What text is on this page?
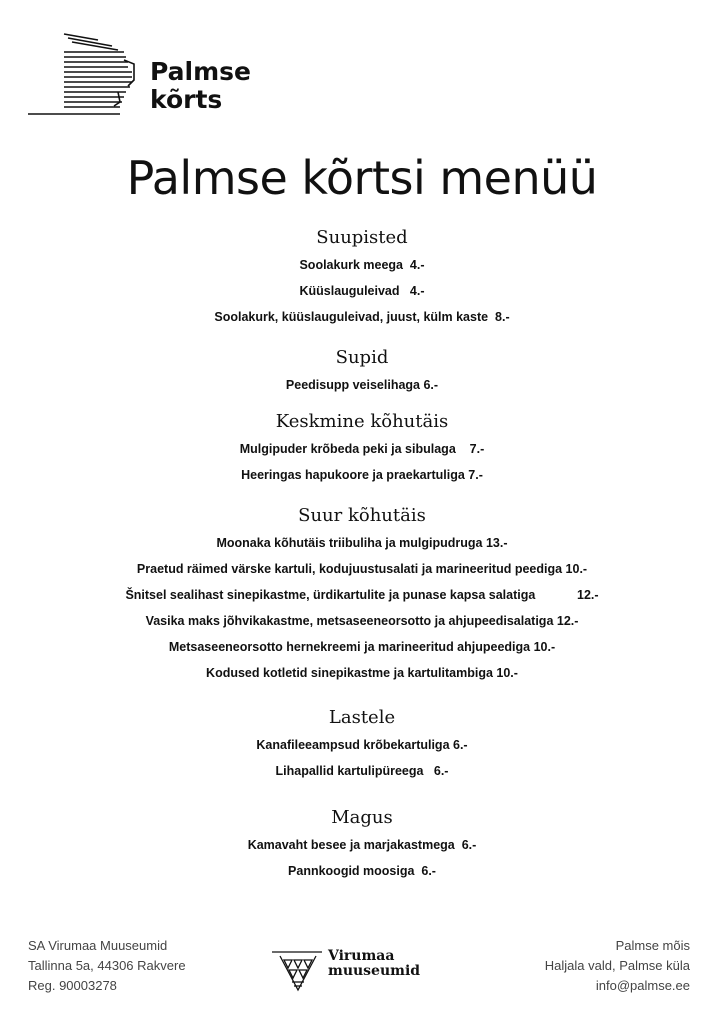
Palmse
kõrts
Palmse kõrtsi menüü
Suupisted
Soolakurk meega  4.-
Küüslauguleivad   4.-
Soolakurk, küüslauguleivad, juust, külm kaste  8.-
Supid
Peedisupp veiselihaga 6.-
Keskmine kõhutäis
Mulgipuder krõbeda peki ja sibulaga    7.-
Heeringas hapukoore ja praekartuliga 7.-
Suur kõhutäis
Moonaka kõhutäis triibuliha ja mulgipudruga 13.-
Praetud räimed värske kartuli, kodujuustusalati ja marineeritud peediga 10.-
Šnitsel sealihast sinepikastme, ürdikartulite ja punase kapsa salatiga            12.-
Vasika maks jõhvikakastme, metsaseeneorsotto ja ahjupeedisalatiga 12.-
Metsaseeneorsotto hernekreemi ja marineeritud ahjupeediga 10.-
Kodused kotletid sinepikastme ja kartulitambiga 10.-
Lastele
Kanafileeampsud krõbekartuliga 6.-
Lihapallid kartulipüreega   6.-
Magus
Kamavaht besee ja marjakastmega  6.-
Pannkoogid moosiga  6.-
SA Virumaa Muuseumid
Tallinna 5a, 44306 Rakvere
Reg. 90003278
Virumaa
muuseumid
Palmse mõis
Haljala vald, Palmse küla
info@palmse.ee
